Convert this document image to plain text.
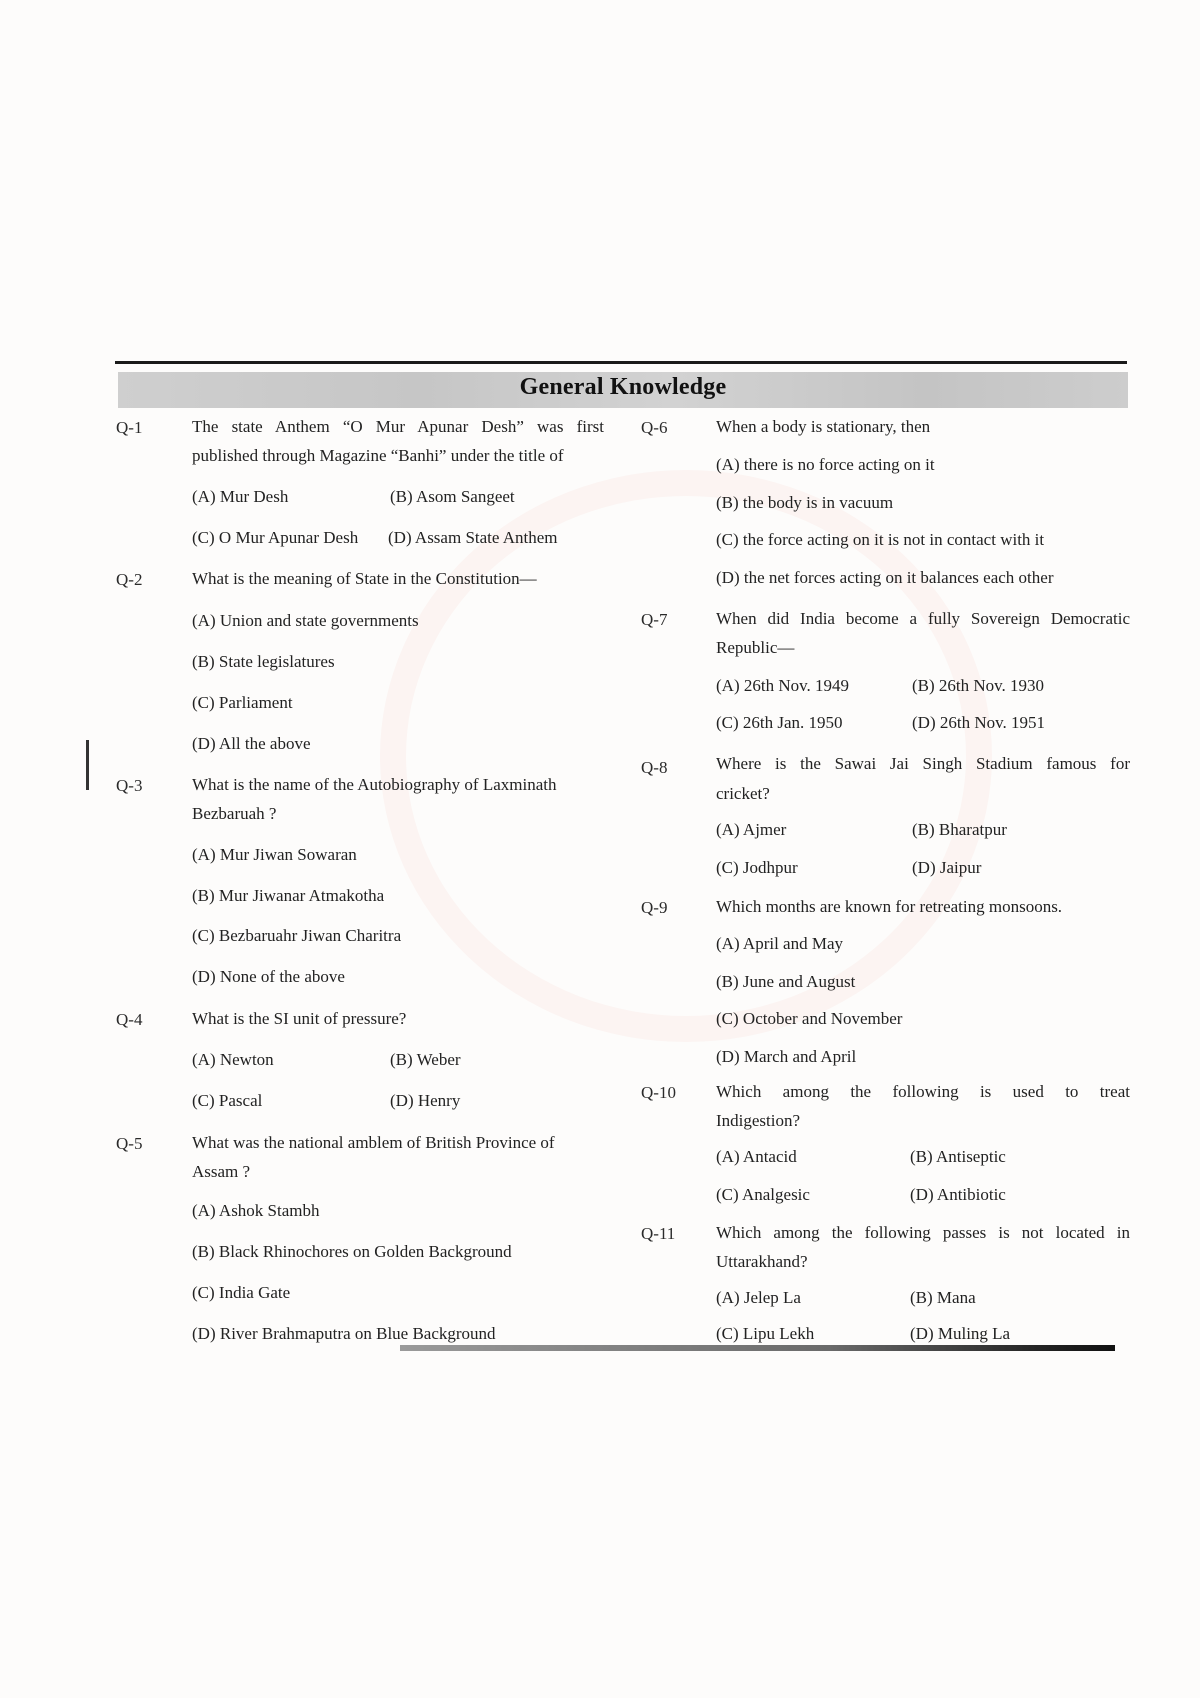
General Knowledge
Q-1	The state Anthem “O Mur Apunar Desh” was first
published through Magazine “Banhi” under the title of
(A) Mur Desh	(B) Asom Sangeet
(C) O Mur Apunar Desh (D) Assam State Anthem
Q-2	What is the meaning of State in the Constitution—
(A) Union and state governments
(B) State legislatures
(C) Parliament
(D) All the above
Q-3	What is the name of the Autobiography of Laxminath
Bezbaruah ?
(A) Mur Jiwan Sowaran
(B) Mur Jiwanar Atmakotha
(C) Bezbaruahr Jiwan Charitra
(D) None of the above
Q-4	What is the SI unit of pressure?
(A) Newton	(B) Weber
(C) Pascal	(D) Henry
Q-5	What was the national amblem of British Province of
Assam ?
(A) Ashok Stambh
(B) Black Rhinochores on Golden Background
(C) India Gate
(D) River Brahmaputra on Blue Background
Q-6	When a body is stationary, then
(A) there is no force acting on it
(B) the body is in vacuum
(C) the force acting on it is not in contact with it
(D) the net forces acting on it balances each other
Q-7	When did India become a fully Sovereign Democratic
Republic—
(A) 26th Nov. 1949	(B) 26th Nov. 1930
(C) 26th Jan. 1950	(D) 26th Nov. 1951
Q-8	Where is the Sawai Jai Singh Stadium famous for
cricket?
(A) Ajmer	(B) Bharatpur
(C) Jodhpur	(D) Jaipur
Q-9	Which months are known for retreating monsoons.
(A) April and May
(B) June and August
(C) October and November
(D) March and April
Q-10 Which among the following is used to treat
Indigestion?
(A) Antacid	(B) Antiseptic
(C) Analgesic	(D) Antibiotic
Q-11 Which among the following passes is not located in
Uttarakhand?
(A) Jelep La	(B) Mana
(C) Lipu Lekh	(D) Muling La
